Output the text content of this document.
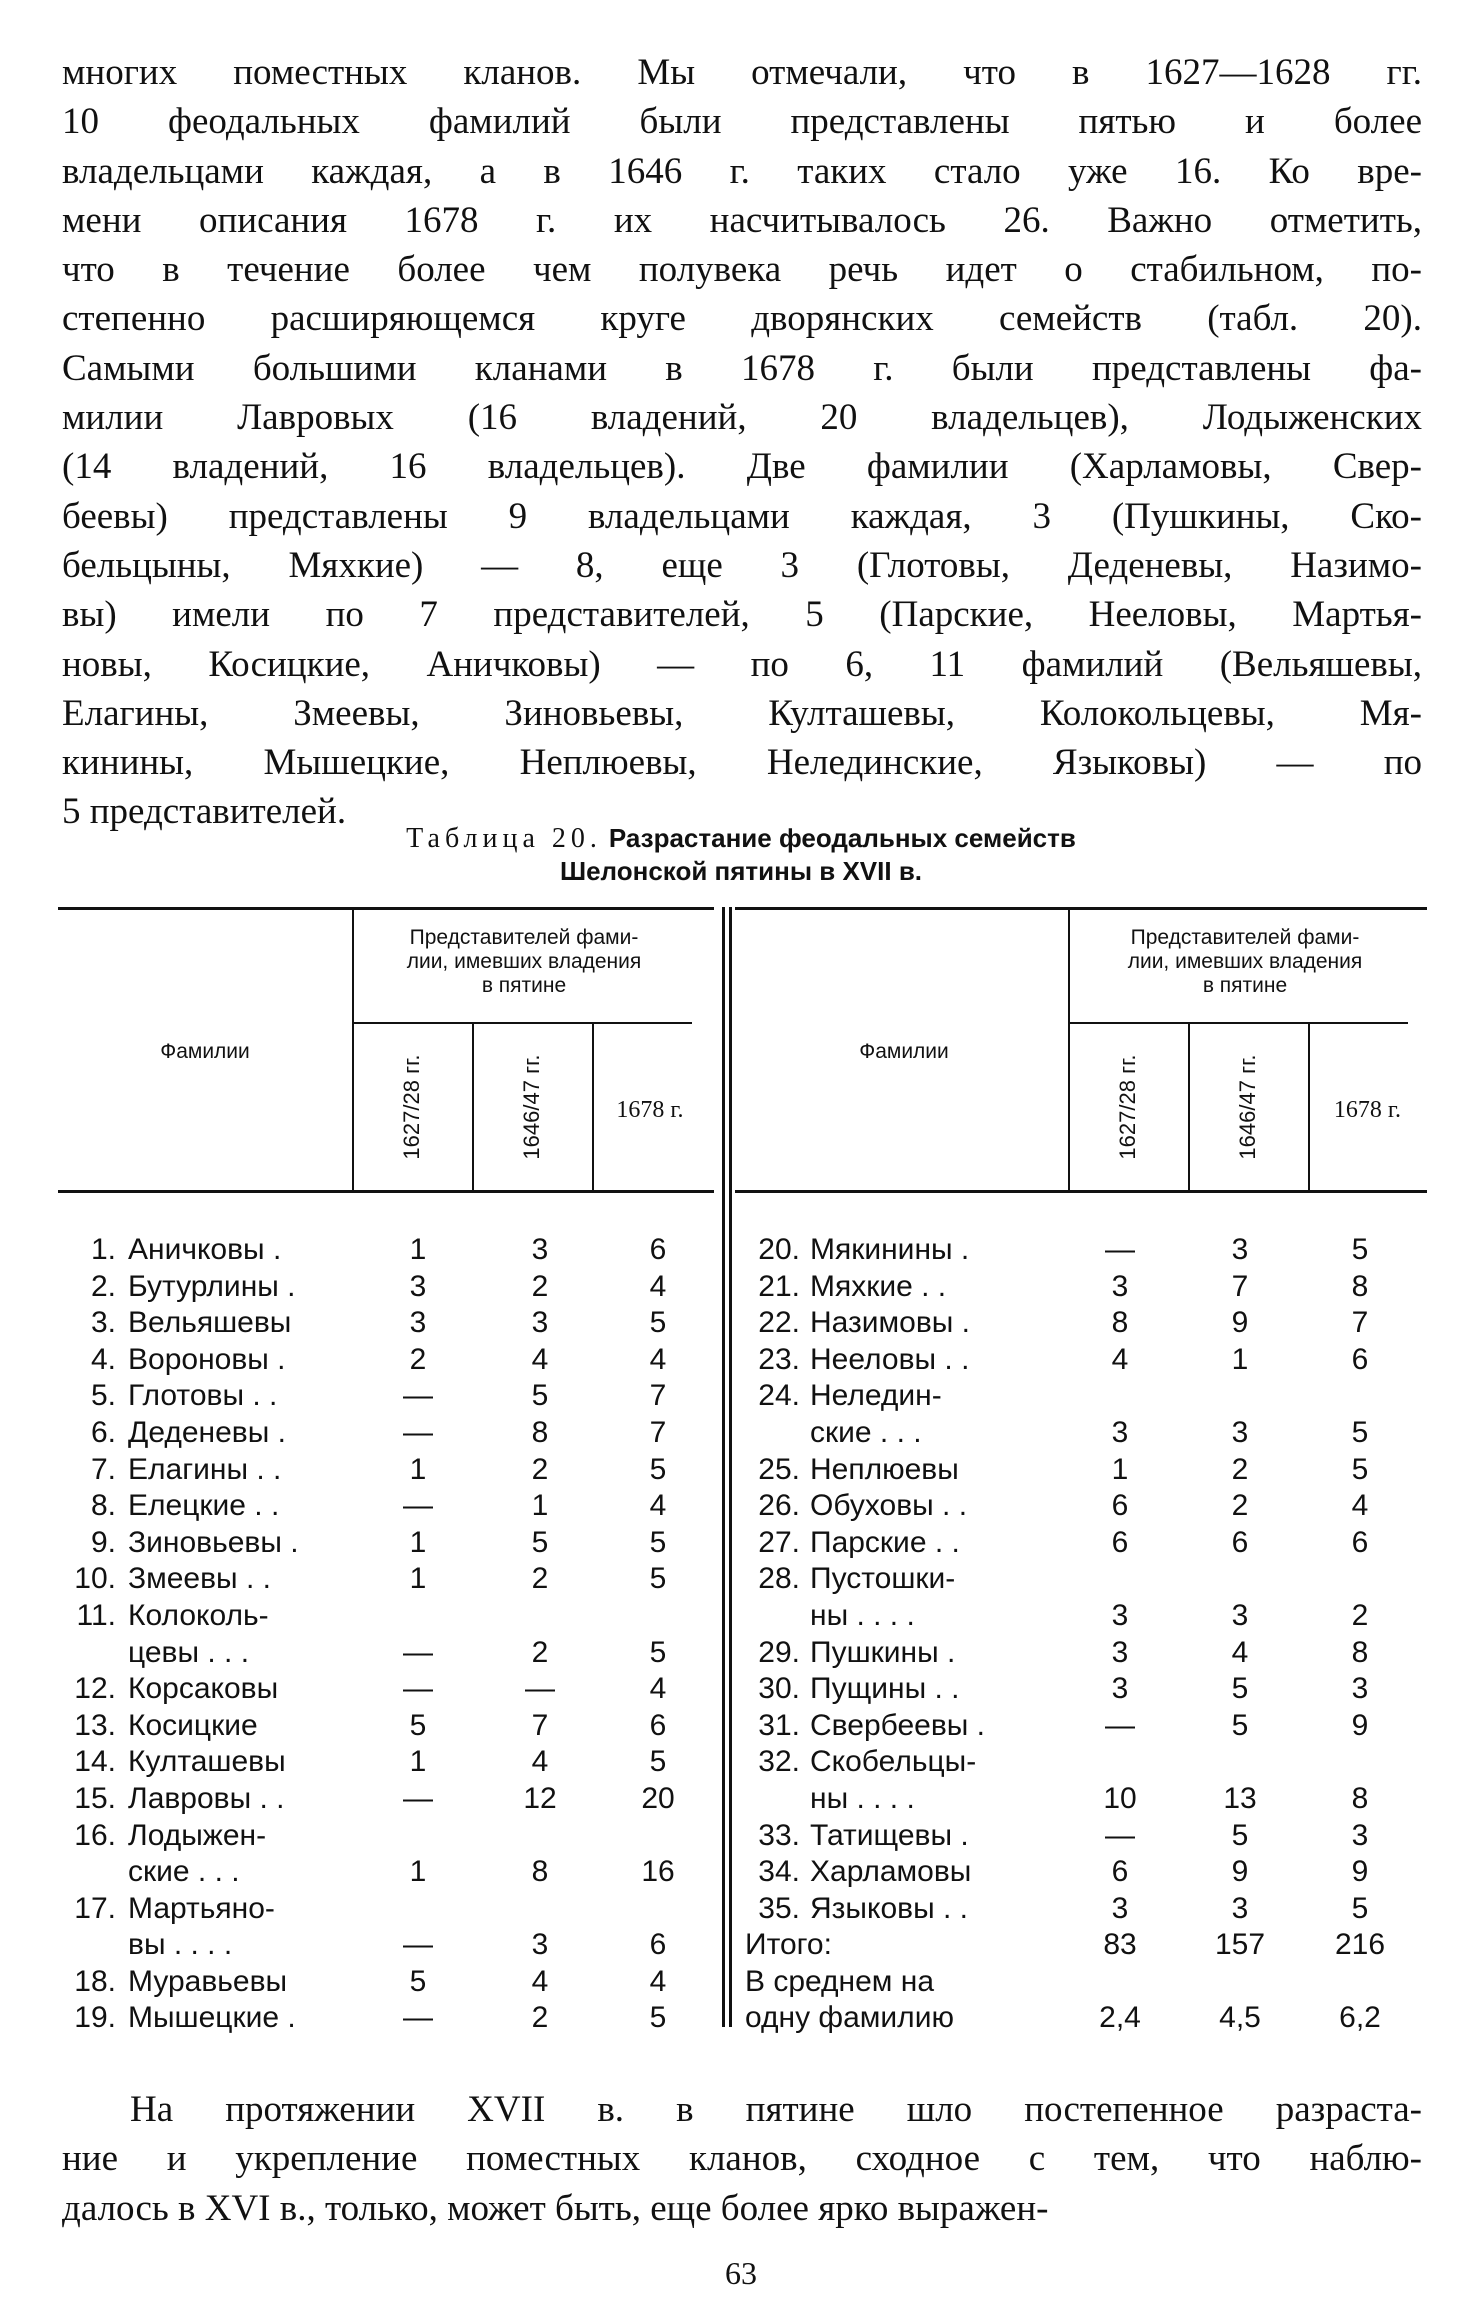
многих поместных кланов. Мы отмечали, что в 1627—1628 гг.
10 феодальных фамилий были представлены пятью и более
владельцами каждая, а в 1646 г. таких стало уже 16. Ко вре-
мени описания 1678 г. их насчитывалось 26. Важно отметить,
что в течение более чем полувека речь идет о стабильном, по-
степенно расширяющемся круге дворянских семейств (табл. 20).
Самыми большими кланами в 1678 г. были представлены фа-
милии Лавровых (16 владений, 20 владельцев), Лодыженских
(14 владений, 16 владельцев). Две фамилии (Харламовы, Свер-
беевы) представлены 9 владельцами каждая, 3 (Пушкины, Ско-
бельцыны, Мяхкие) — 8, еще 3 (Глотовы, Деденевы, Назимо-
вы) имели по 7 представителей, 5 (Парские, Нееловы, Мартья-
новы, Косицкие, Аничковы) — по 6, 11 фамилий (Вельяшевы,
Елагины, Змеевы, Зиновьевы, Култашевы, Колокольцевы, Мя-
кинины, Мышецкие, Неплюевы, Нелединские, Языковы) — по
5 представителей.
Таблица 20. Разрастание феодальных семейств
Шелонской пятины в XVII в.
Фамилии
Представителей фами-
лии, имевших владения
в пятине
1627/28 гг.	1646/47 гг.	1678 г.
Фамилии
Представителей фами-
лии, имевших владения
в пятине
1627/28 гг.	1646/47 гг.	1678 г.
1. Аничковы .	1	3	6
2. Бутурлины .	3	2	4
3. Вельяшевы	3	3	5
4. Вороновы .	2	4	4
5. Глотовы . .	—	5	7
6. Деденевы .	—	8	7
7. Елагины . .	1	2	5
8. Елецкие . .	—	1	4
9. Зиновьевы .	1	5	5
10. Змеевы . .	1	2	5
11. Колоколь-
цевы . . .	—	2	5
12. Корсаковы	—	—	4
13. Косицкие	5	7	6
14. Култашевы	1	4	5
15. Лавровы . .	—	12	20
16. Лодыжен-
ские . . .	1	8	16
17. Мартьяно-
вы . . . .	—	3	6
18. Муравьевы	5	4	4
19. Мышецкие .	—	2	5
20. Мякинины .	—	3	5
21. Мяхкие . .	3	7	8
22. Назимовы .	8	9	7
23. Нееловы . .	4	1	6
24. Неледин-
ские . . .	3	3	5
25. Неплюевы	1	2	5
26. Обуховы . .	6	2	4
27. Парские . .	6	6	6
28. Пустошки-
ны . . . .	3	3	2
29. Пушкины .	3	4	8
30. Пущины . .	3	5	3
31. Свербеевы .	—	5	9
32. Скобельцы-
ны . . . .	10	13	8
33. Татищевы .	—	5	3
34. Харламовы	6	9	9
35. Языковы . .	3	3	5
Итого:	83	157	216
В среднем на
одну фамилию	2,4	4,5	6,2
На протяжении XVII в. в пятине шло постепенное разраста-
ние и укрепление поместных кланов, сходное с тем, что наблю-
далось в XVI в., только, может быть, еще более ярко выражен-
63
